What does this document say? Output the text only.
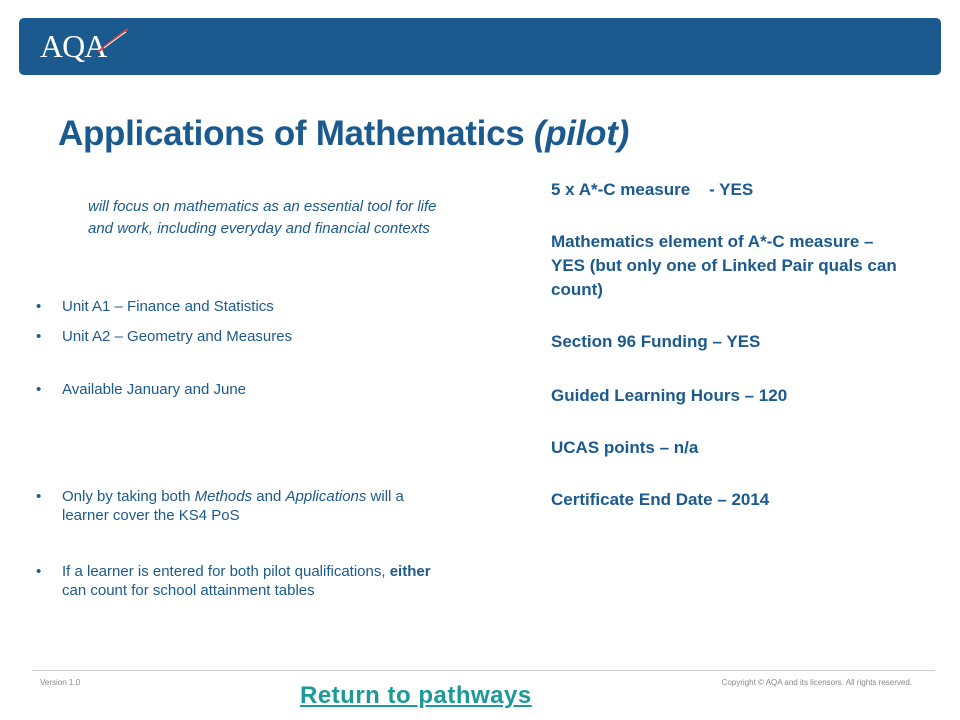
AQA
Applications of Mathematics (pilot)
will focus on mathematics as an essential tool for life and work, including everyday and financial contexts
• Unit A1 – Finance and Statistics
• Unit A2 – Geometry and Measures
• Available January and June
• Only by taking both Methods and Applications will a learner cover the KS4 PoS
• If a learner is entered for both pilot qualifications, either can count for school attainment tables

5 x A*-C measure    - YES

Mathematics element of A*-C measure – YES (but only one of Linked Pair quals can count)

Section 96 Funding – YES

Guided Learning Hours – 120

UCAS points – n/a

Certificate End Date – 2014

Version 1.0	Copyright © AQA and its licensors. All rights reserved.
Return to pathways
